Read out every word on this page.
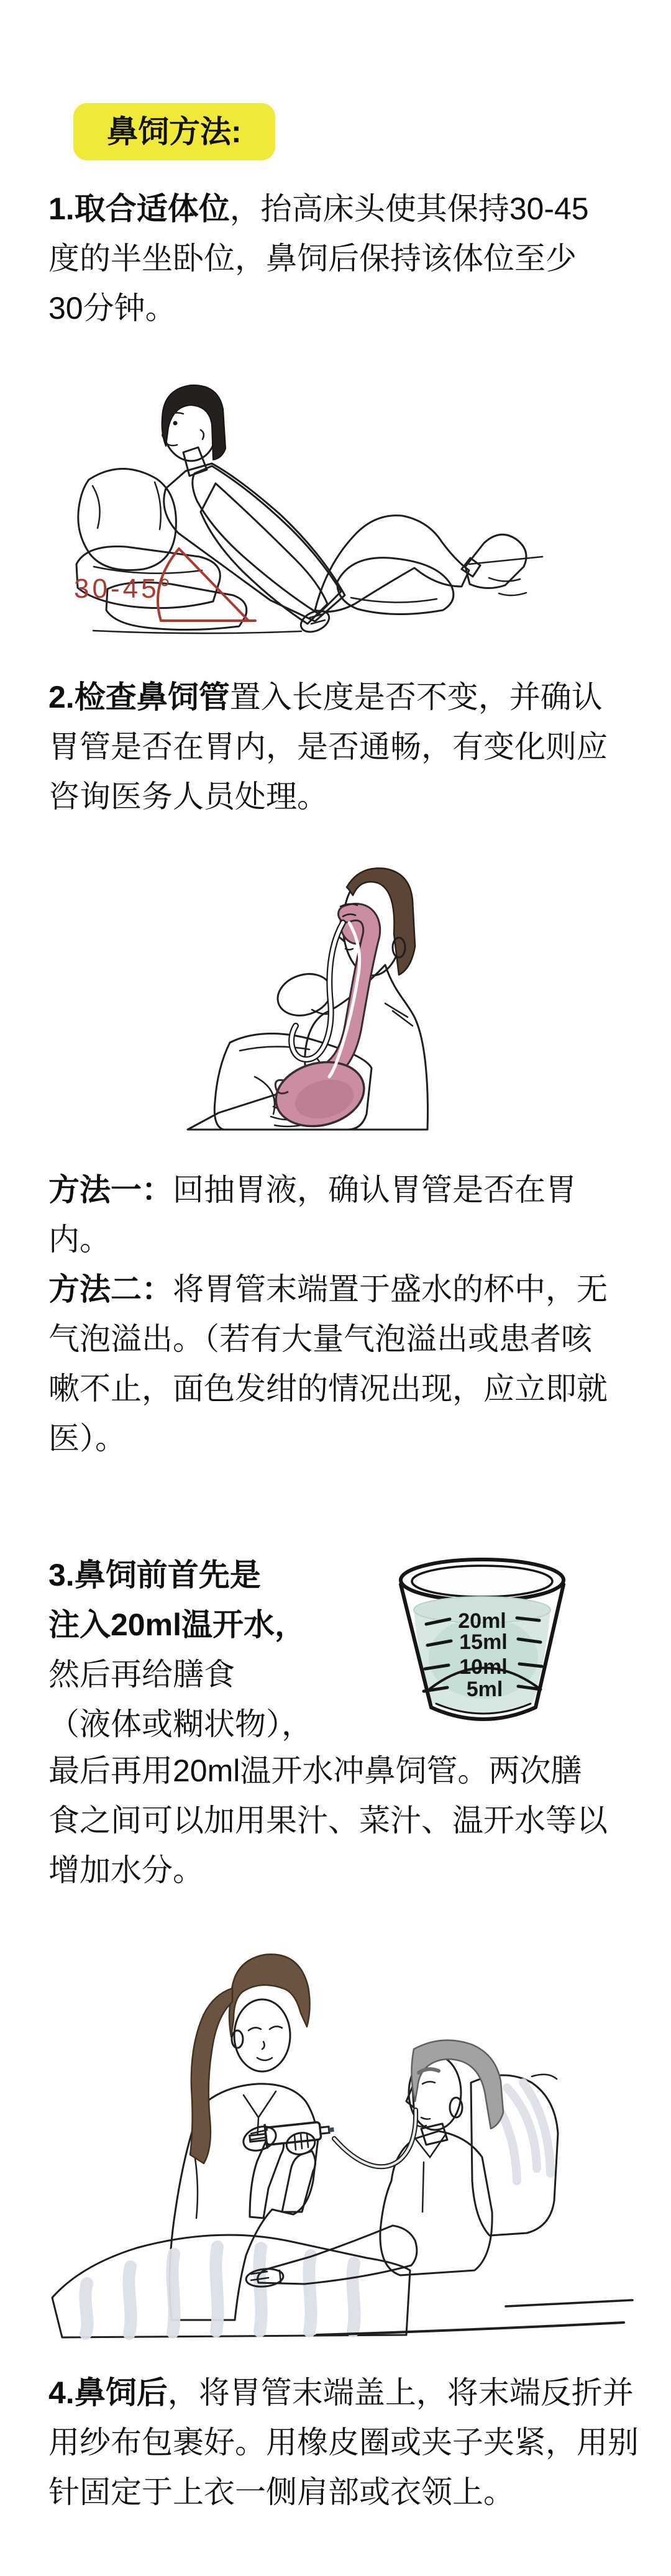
鼻饲方法:
1.取合适体位，抬高床头使其保持30-45
度的半坐卧位，鼻饲后保持该体位至少
30分钟。
30-45°
2.检查鼻饲管置入长度是否不变，并确认
胃管是否在胃内，是否通畅，有变化则应
咨询医务人员处理。
方法一：回抽胃液，确认胃管是否在胃
内。
方法二：将胃管末端置于盛水的杯中，无
气泡溢出。（若有大量气泡溢出或患者咳
嗽不止，面色发绀的情况出现，应立即就
医）。
3.鼻饲前首先是
注入20ml温开水，
然后再给膳食
（液体或糊状物），
20ml
15ml
10ml
5ml
最后再用20ml温开水冲鼻饲管。两次膳
食之间可以加用果汁、菜汁、温开水等以
增加水分。
4.鼻饲后，将胃管末端盖上，将末端反折并
用纱布包裹好。用橡皮圈或夹子夹紧，用别
针固定于上衣一侧肩部或衣领上。
